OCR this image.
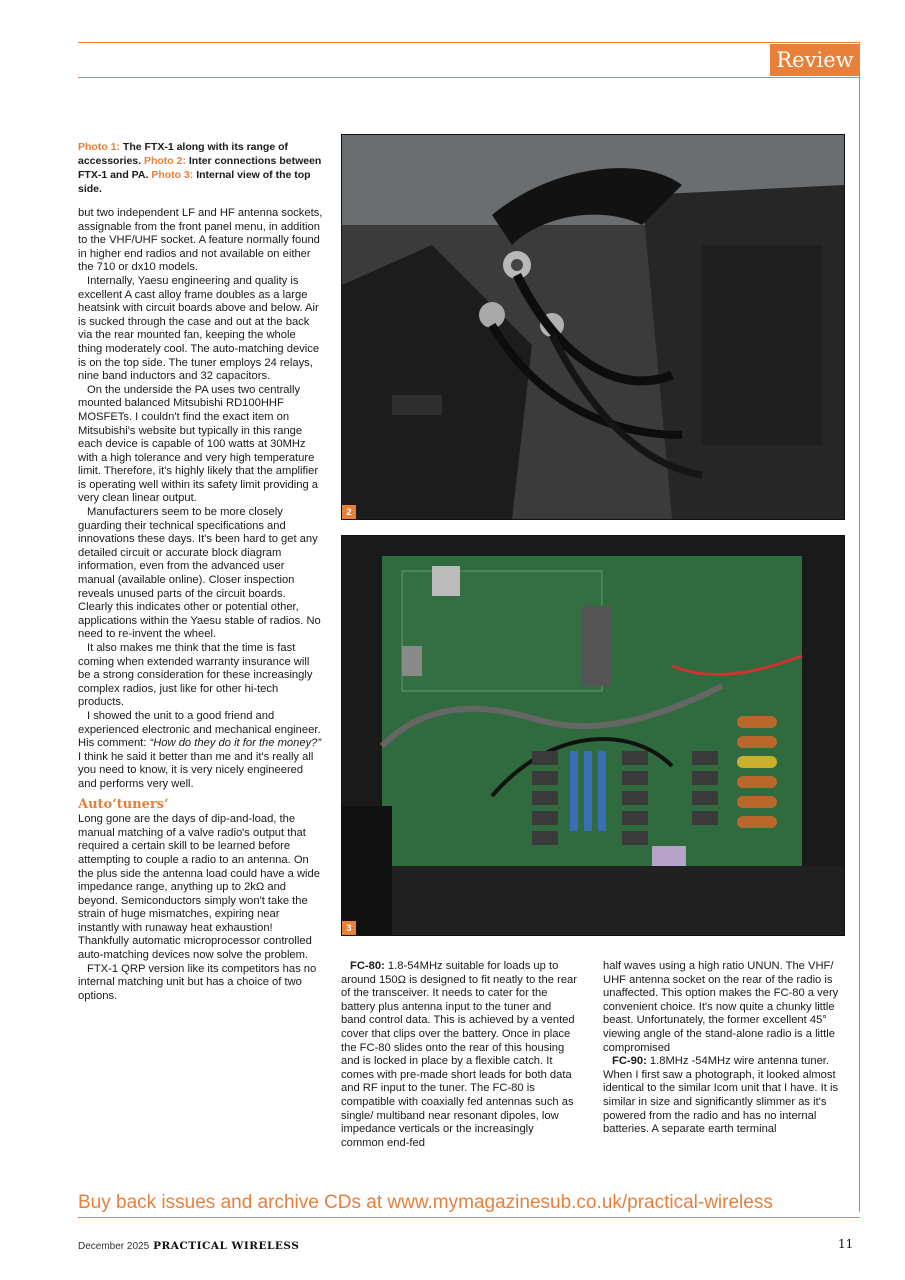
Review
Photo 1: The FTX-1 along with its range of accessories. Photo 2: Inter connections between FTX-1 and PA. Photo 3: Internal view of the top side.

but two independent LF and HF antenna sockets, assignable from the front panel menu, in addition to the VHF/UHF socket. A feature normally found in higher end radios and not available on either the 710 or dx10 models.

Internally, Yaesu engineering and quality is excellent A cast alloy frame doubles as a large heatsink with circuit boards above and below. Air is sucked through the case and out at the back via the rear mounted fan, keeping the whole thing moderately cool. The auto-matching device is on the top side. The tuner employs 24 relays, nine band inductors and 32 capacitors.

On the underside the PA uses two centrally mounted balanced Mitsubishi RD100HHF MOSFETs. I couldn't find the exact item on Mitsubishi's website but typically in this range each device is capable of 100 watts at 30MHz with a high tolerance and very high temperature limit. Therefore, it's highly likely that the amplifier is operating well within its safety limit providing a very clean linear output.

Manufacturers seem to be more closely guarding their technical specifications and innovations these days. It's been hard to get any detailed circuit or accurate block diagram information, even from the advanced user manual (available online). Closer inspection reveals unused parts of the circuit boards. Clearly this indicates other or potential other, applications within the Yaesu stable of radios. No need to re-invent the wheel.

It also makes me think that the time is fast coming when extended warranty insurance will be a strong consideration for these increasingly complex radios, just like for other hi-tech products.

I showed the unit to a good friend and experienced electronic and mechanical engineer. His comment: “How do they do it for the money?” I think he said it better than me and it's really all you need to know, it is very nicely engineered and performs very well.

Auto‘tuners’

Long gone are the days of dip-and-load, the manual matching of a valve radio's output that required a certain skill to be learned before attempting to couple a radio to an antenna. On the plus side the antenna load could have a wide impedance range, anything up to 2kΩ and beyond. Semiconductors simply won't take the strain of huge mismatches, expiring near instantly with runaway heat exhaustion! Thankfully automatic microprocessor controlled auto-matching devices now solve the problem.

FTX-1 QRP version like its competitors has no internal matching unit but has a choice of two options.

2
3

FC-80: 1.8-54MHz suitable for loads up to around 150Ω is designed to fit neatly to the rear of the transceiver. It needs to cater for the battery plus antenna input to the tuner and band control data. This is achieved by a vented cover that clips over the battery. Once in place the FC-80 slides onto the rear of this housing and is locked in place by a flexible catch. It comes with pre-made short leads for both data and RF input to the tuner. The FC-80 is compatible with coaxially fed antennas such as single/ multiband near resonant dipoles, low impedance verticals or the increasingly common end-fed

half waves using a high ratio UNUN. The VHF/ UHF antenna socket on the rear of the radio is unaffected. This option makes the FC-80 a very convenient choice. It's now quite a chunky little beast. Unfortunately, the former excellent 45° viewing angle of the stand-alone radio is a little compromised

FC-90: 1.8MHz -54MHz wire antenna tuner. When I first saw a photograph, it looked almost identical to the similar Icom unit that I have. It is similar in size and significantly slimmer as it's powered from the radio and has no internal batteries. A separate earth terminal

Buy back issues and archive CDs at www.mymagazinesub.co.uk/practical-wireless
December 2025 PRACTICAL WIRELESS	11
